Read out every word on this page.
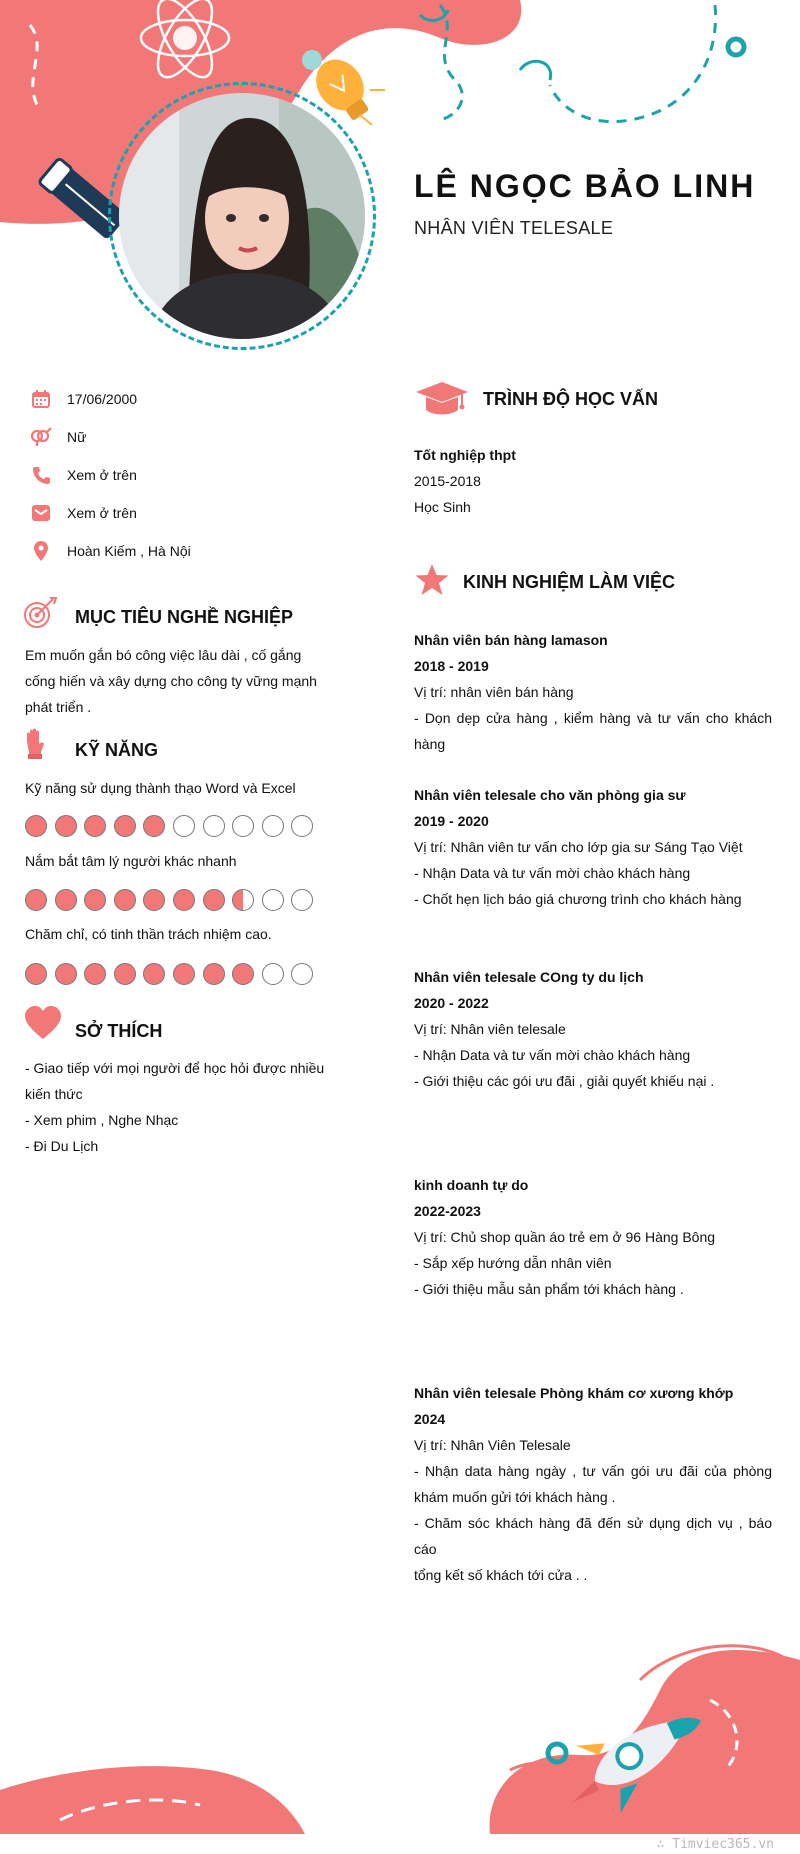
LÊ NGỌC BẢO LINH
NHÂN VIÊN TELESALE
17/06/2000
Nữ
Xem ở trên
Xem ở trên
Hoàn Kiếm , Hà Nội
MỤC TIÊU NGHỀ NGHIỆP

Em muốn gắn bó công việc lâu dài , cố gắng

cống hiến và xây dựng cho công ty vững mạnh

phát triển .

KỸ NĂNG
Kỹ năng sử dụng thành thạo Word và Excel
Nắm bắt tâm lý người khác nhanh
Chăm chỉ, có tinh thần trách nhiệm cao.
SỞ THÍCH

- Giao tiếp với mọi người để học hỏi được nhiều

kiến thức

- Xem phim , Nghe Nhạc

- Đi Du Lịch

TRÌNH ĐỘ HỌC VẤN
Tốt nghiệp thpt
2015-2018
Học Sinh
KINH NGHIỆM LÀM VIỆC
Nhân viên bán hàng lamason
2018 - 2019
Vị trí: nhân viên bán hàng
- Dọn dẹp cửa hàng , kiểm hàng và tư vấn cho khách
hàng
Nhân viên telesale cho văn phòng gia sư
2019 - 2020
Vị trí: Nhân viên tư vấn cho lớp gia sư Sáng Tạo Việt
- Nhận Data và tư vấn mời chào khách hàng
- Chốt hẹn lịch báo giá chương trình cho khách hàng
Nhân viên telesale COng ty du lịch
2020 - 2022
Vị trí: Nhân viên telesale
- Nhận Data và tư vấn mời chào khách hàng
- Giới thiệu các gói ưu đãi , giải quyết khiếu nại .
kinh doanh tự do
2022-2023
Vị trí: Chủ shop quần áo trẻ em ở 96 Hàng Bông
- Sắp xếp hướng dẫn nhân viên
- Giới thiệu mẫu sản phẩm tới khách hàng .
Nhân viên telesale Phòng khám cơ xương khớp
2024
Vị trí: Nhân Viên Telesale
- Nhận data hàng ngày , tư vấn gói ưu đãi của phòng
khám muốn gửi tới khách hàng .
- Chăm sóc khách hàng đã đến sử dụng dịch vụ , báo cáo
tổng kết số khách tới cửa . .
∴ Timviec365.vn
